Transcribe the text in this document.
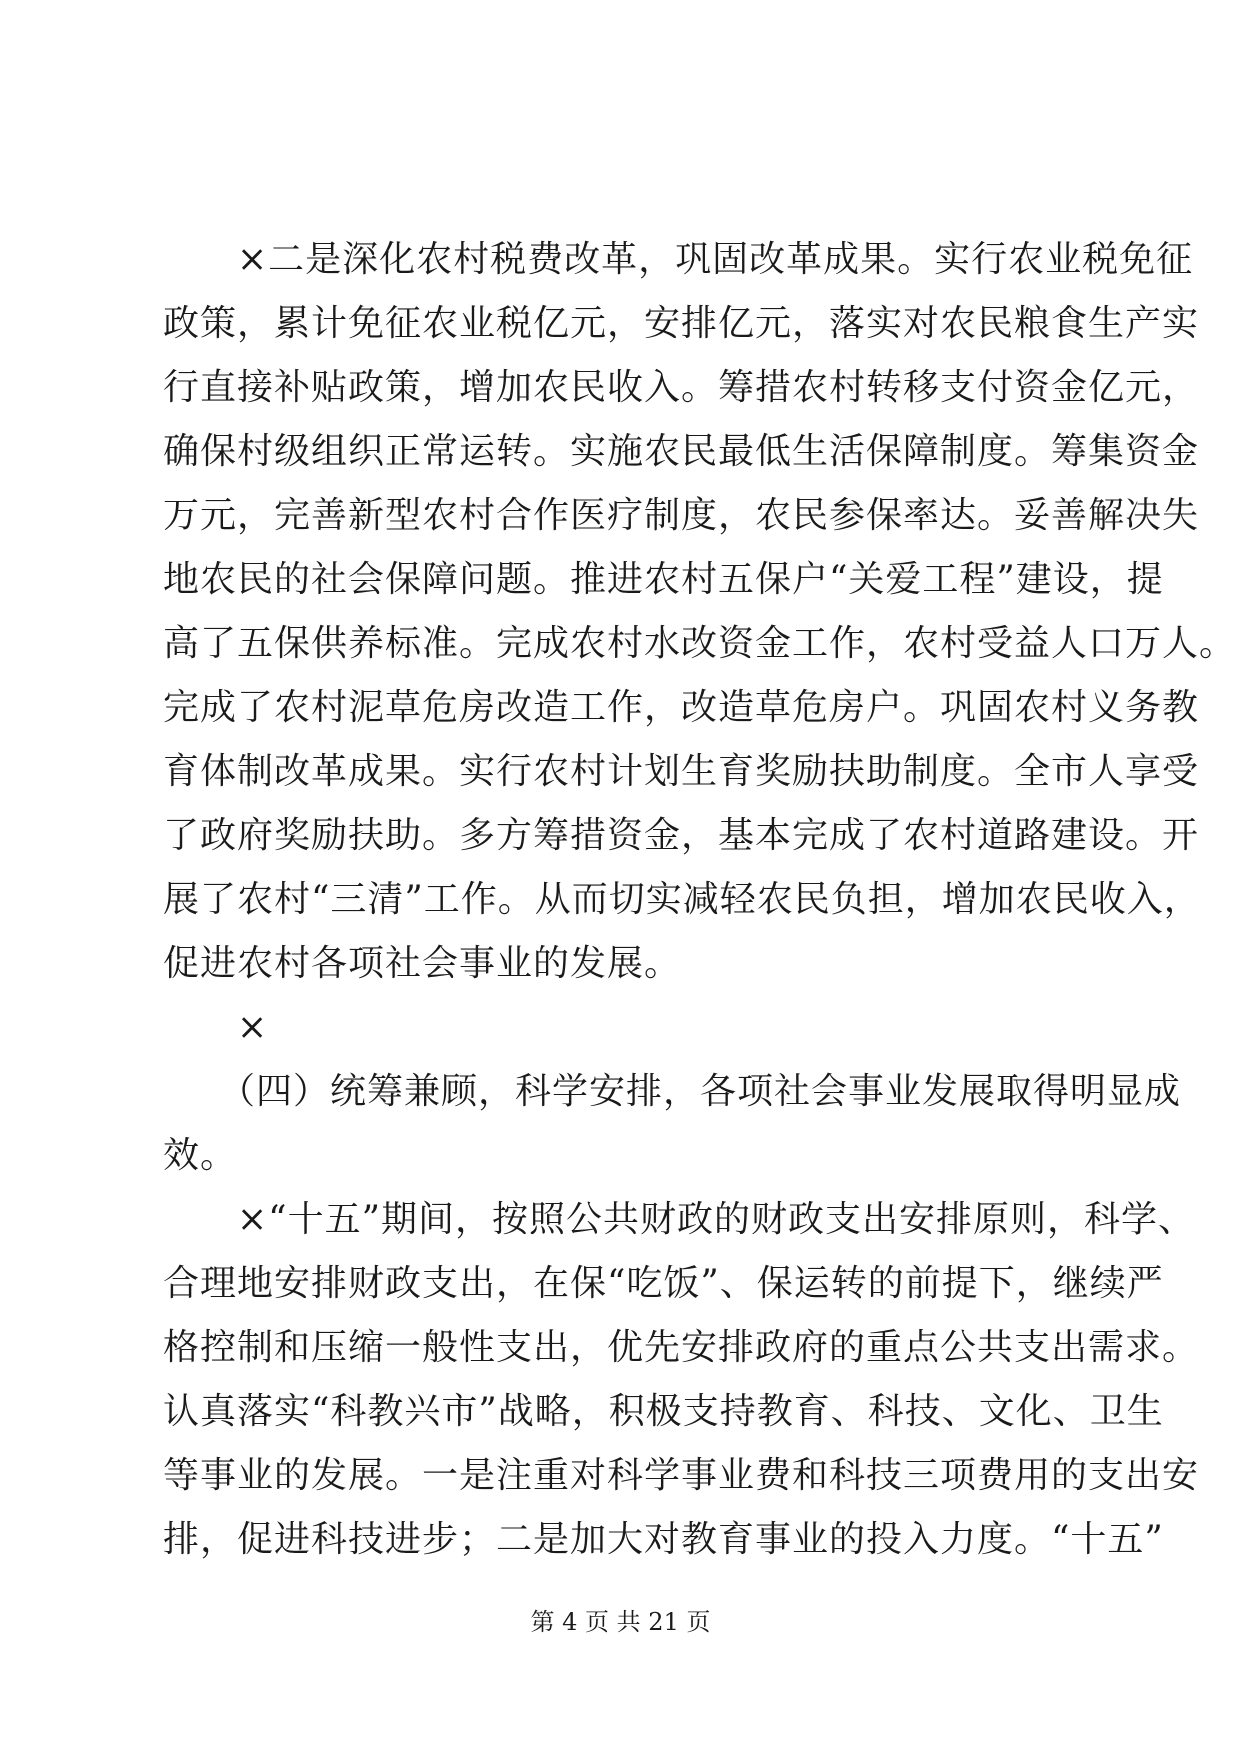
　　×二是深化农村税费改革，巩固改革成果。实行农业税免征
政策，累计免征农业税亿元，安排亿元，落实对农民粮食生产实
行直接补贴政策，增加农民收入。筹措农村转移支付资金亿元，
确保村级组织正常运转。实施农民最低生活保障制度。筹集资金
万元，完善新型农村合作医疗制度，农民参保率达。妥善解决失
地农民的社会保障问题。推进农村五保户“关爱工程”建设，提
高了五保供养标准。完成农村水改资金工作，农村受益人口万人。
完成了农村泥草危房改造工作，改造草危房户。巩固农村义务教
育体制改革成果。实行农村计划生育奖励扶助制度。全市人享受
了政府奖励扶助。多方筹措资金，基本完成了农村道路建设。开
展了农村“三清”工作。从而切实减轻农民负担，增加农民收入，
促进农村各项社会事业的发展。
　　×
　　（四）统筹兼顾，科学安排，各项社会事业发展取得明显成
效。
　　×“十五”期间，按照公共财政的财政支出安排原则，科学、
合理地安排财政支出，在保“吃饭”、保运转的前提下，继续严
格控制和压缩一般性支出，优先安排政府的重点公共支出需求。
认真落实“科教兴市”战略，积极支持教育、科技、文化、卫生
等事业的发展。一是注重对科学事业费和科技三项费用的支出安
排，促进科技进步；二是加大对教育事业的投入力度。“十五”
第 4 页 共 21 页
